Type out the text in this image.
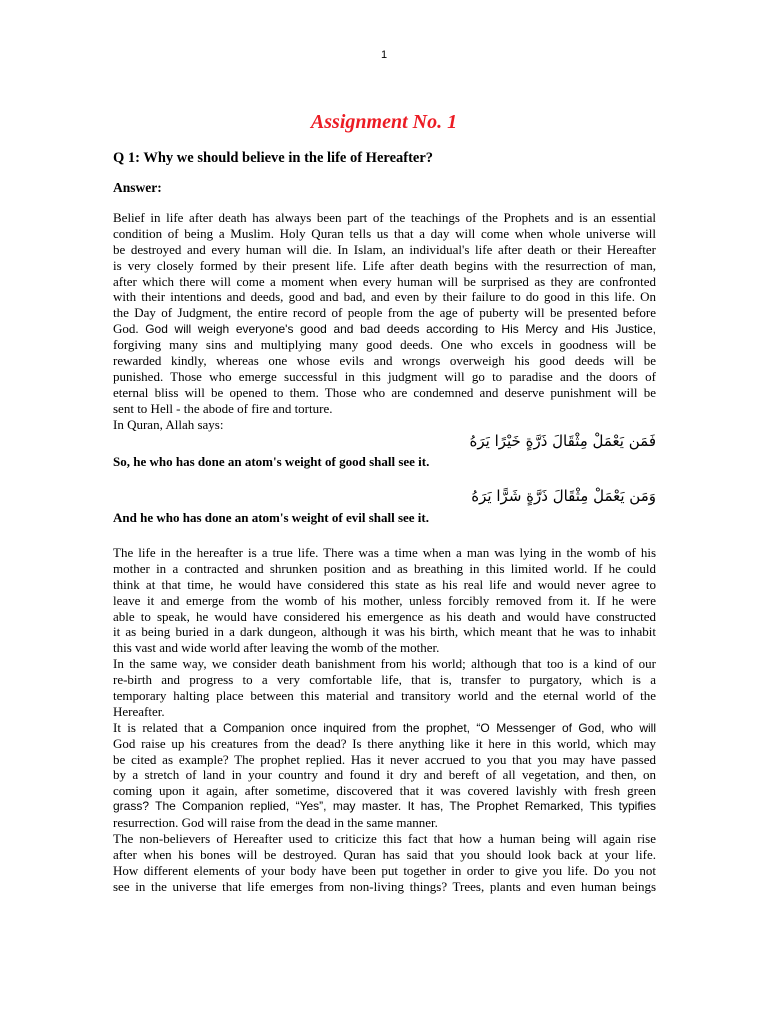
1
Assignment No. 1
Q 1: Why we should believe in the life of Hereafter?
Answer:
Belief in life after death has always been part of the teachings of the Prophets and is an essential
condition of being a Muslim. Holy Quran tells us that a day will come when whole universe will
be destroyed and every human will die. In Islam, an individual's life after death or their Hereafter
is very closely formed by their present life. Life after death begins with the resurrection of man,
after which there will come a moment when every human will be surprised as they are confronted
with their intentions and deeds, good and bad, and even by their failure to do good in this life. On
the Day of Judgment, the entire record of people from the age of puberty will be presented before
God. God will weigh everyone's good and bad deeds according to His Mercy and His Justice,
forgiving many sins and multiplying many good deeds. One who excels in goodness will be
rewarded kindly, whereas one whose evils and wrongs overweigh his good deeds will be
punished. Those who emerge successful in this judgment will go to paradise and the doors of
eternal bliss will be opened to them. Those who are condemned and deserve punishment will be
sent to Hell - the abode of fire and torture.
In Quran, Allah says:
فَمَن يَعْمَلْ مِثْقَالَ ذَرَّةٍ خَيْرًا يَرَهُ
So, he who has done an atom's weight of good shall see it.
وَمَن يَعْمَلْ مِثْقَالَ ذَرَّةٍ شَرًّا يَرَهُ
And he who has done an atom's weight of evil shall see it.
The life in the hereafter is a true life. There was a time when a man was lying in the womb of his
mother in a contracted and shrunken position and as breathing in this limited world. If he could
think at that time, he would have considered this state as his real life and would never agree to
leave it and emerge from the womb of his mother, unless forcibly removed from it. If he were
able to speak, he would have considered his emergence as his death and would have constructed
it as being buried in a dark dungeon, although it was his birth, which meant that he was to inhabit
this vast and wide world after leaving the womb of the mother.
In the same way, we consider death banishment from his world; although that too is a kind of our
re-birth and progress to a very comfortable life, that is, transfer to purgatory, which is a
temporary halting place between this material and transitory world and the eternal world of the
Hereafter.
It is related that a Companion once inquired from the prophet, “O Messenger of God, who will
God raise up his creatures from the dead? Is there anything like it here in this world, which may
be cited as example? The prophet replied. Has it never accrued to you that you may have passed
by a stretch of land in your country and found it dry and bereft of all vegetation, and then, on
coming upon it again, after sometime, discovered that it was covered lavishly with fresh green
grass? The Companion replied, “Yes”, may master. It has, The Prophet Remarked, This typifies
resurrection. God will raise from the dead in the same manner.
The non-believers of Hereafter used to criticize this fact that how a human being will again rise
after when his bones will be destroyed. Quran has said that you should look back at your life.
How different elements of your body have been put together in order to give you life. Do you not
see in the universe that life emerges from non-living things? Trees, plants and even human beings
